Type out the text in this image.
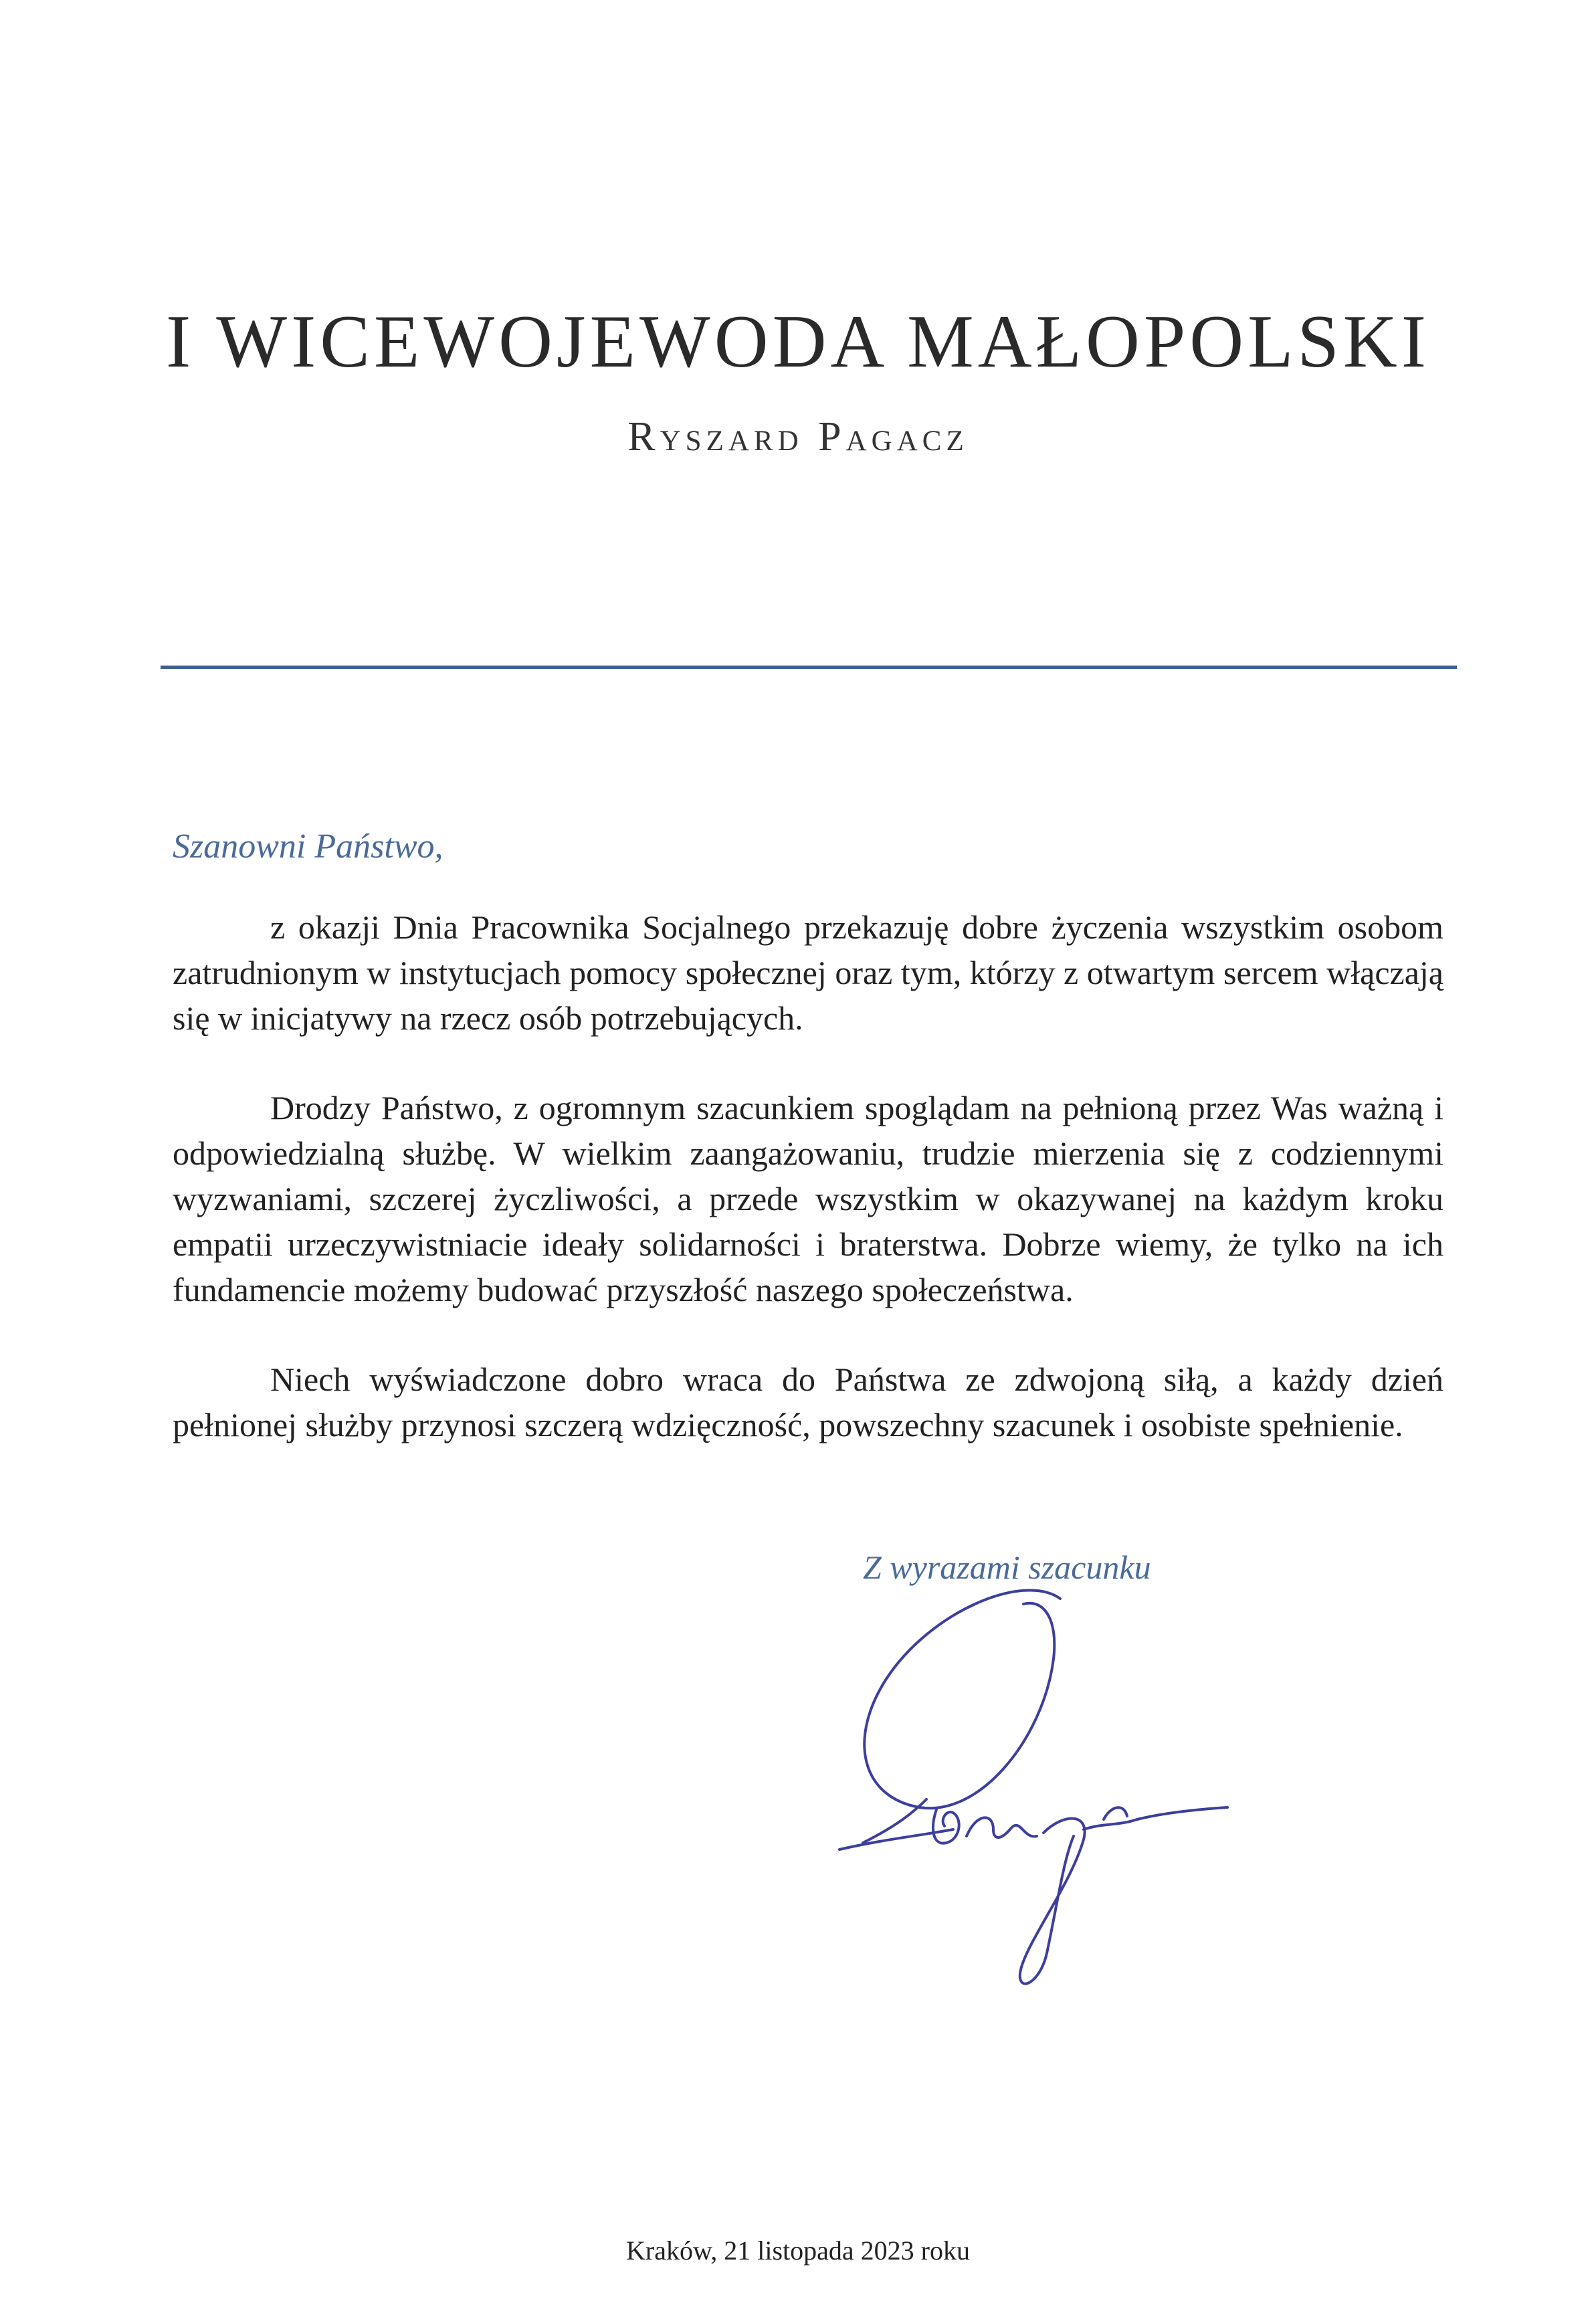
I WICEWOJEWODA MAŁOPOLSKI
Ryszard Pagacz
Szanowni Państwo,

z okazji Dnia Pracownika Socjalnego przekazuję dobre życzenia wszystkim osobom zatrudnionym w instytucjach pomocy społecznej oraz tym, którzy z otwartym sercem włączają się w inicjatywy na rzecz osób potrzebujących.

Drodzy Państwo, z ogromnym szacunkiem spoglądam na pełnioną przez Was ważną i odpowiedzialną służbę. W wielkim zaangażowaniu, trudzie mierzenia się z codziennymi wyzwaniami, szczerej życzliwości, a przede wszystkim w okazywanej na każdym kroku empatii urzeczywistniacie ideały solidarności i braterstwa. Dobrze wiemy, że tylko na ich fundamencie możemy budować przyszłość naszego społeczeństwa.

Niech wyświadczone dobro wraca do Państwa ze zdwojoną siłą, a każdy dzień pełnionej służby przynosi szczerą wdzięczność, powszechny szacunek i osobiste spełnienie.

Z wyrazami szacunku
Kraków, 21 listopada 2023 roku
